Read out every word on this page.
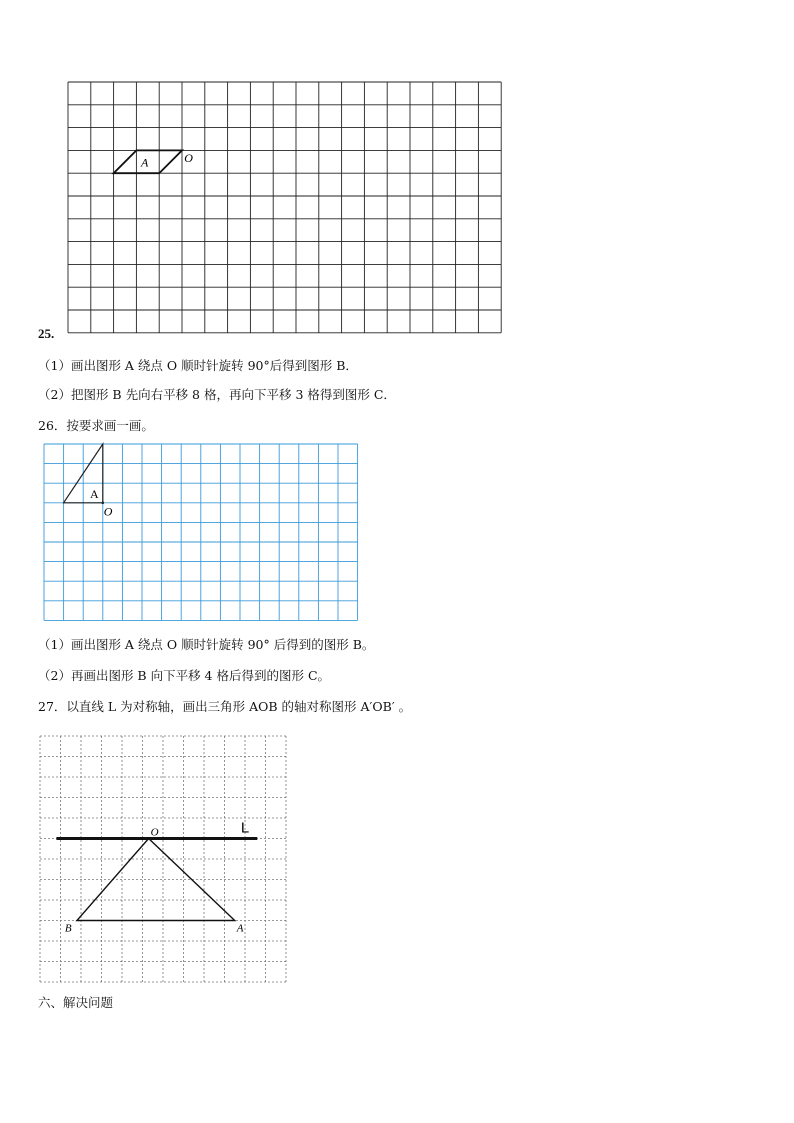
A	O
25.
（1）画出图形 A 绕点 O 顺时针旋转 90°后得到图形 B．
（2）把图形 B 先向右平移 8 格，再向下平移 3 格得到图形 C．
26．按要求画一画。
A
O
（1）画出图形 A 绕点 O 顺时针旋转 90° 后得到的图形 B。
（2）再画出图形 B 向下平移 4 格后得到的图形 C。
27．以直线 L 为对称轴，画出三角形 AOB 的轴对称图形 A′OB′ 。
L
O
A
B
六、解决问题
